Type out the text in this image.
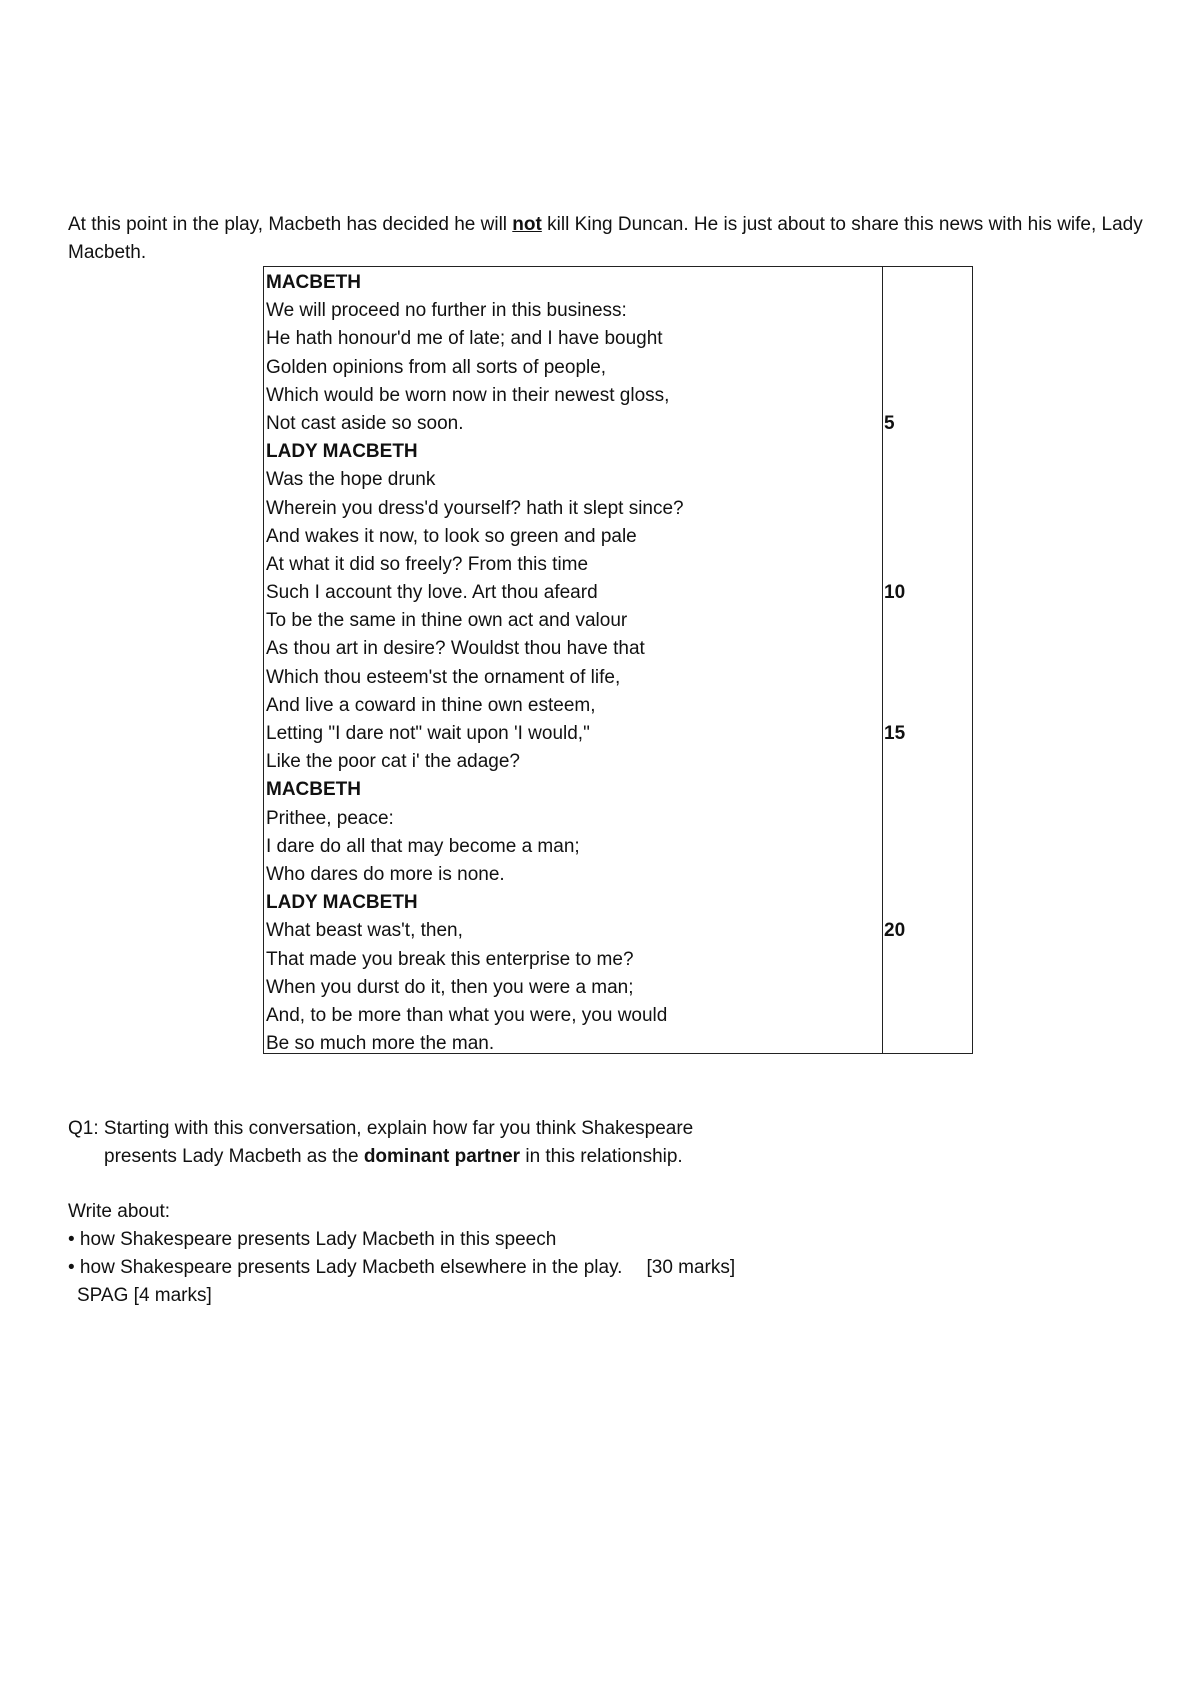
At this point in the play, Macbeth has decided he will not kill King Duncan. He is just about to share this news with his wife, Lady Macbeth.
MACBETH
We will proceed no further in this business:
He hath honour'd me of late; and I have bought
Golden opinions from all sorts of people,
Which would be worn now in their newest gloss,
Not cast aside so soon.
LADY MACBETH
Was the hope drunk
Wherein you dress'd yourself? hath it slept since?
And wakes it now, to look so green and pale
At what it did so freely? From this time
Such I account thy love. Art thou afeard
To be the same in thine own act and valour
As thou art in desire? Wouldst thou have that
Which thou esteem'st the ornament of life,
And live a coward in thine own esteem,
Letting "I dare not" wait upon 'I would,"
Like the poor cat i' the adage?
MACBETH
Prithee, peace:
I dare do all that may become a man;
Who dares do more is none.
LADY MACBETH
What beast was't, then,
That made you break this enterprise to me?
When you durst do it, then you were a man;
And, to be more than what you were, you would
Be so much more the man.
5
10
15
20
Q1: Starting with this conversation, explain how far you think Shakespeare
presents Lady Macbeth as the dominant partner in this relationship.
Write about:
• how Shakespeare presents Lady Macbeth in this speech
• how Shakespeare presents Lady Macbeth elsewhere in the play. [30 marks]
SPAG [4 marks]
